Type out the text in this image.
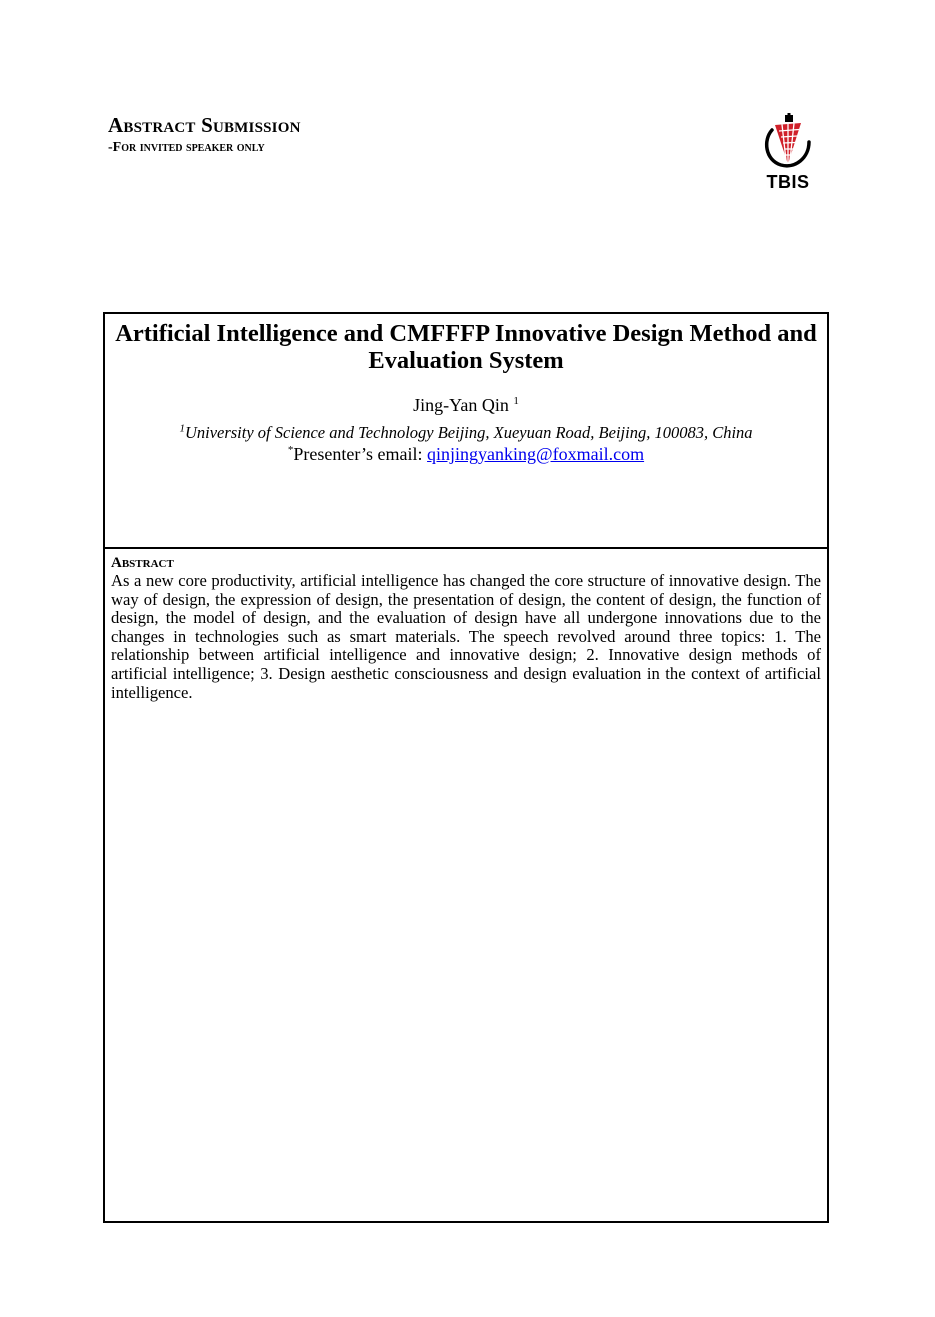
Abstract Submission
-For invited speaker only
TBIS
Artificial Intelligence and CMFFFP Innovative Design Method and Evaluation System
Jing-Yan Qin $^1$
$^1$University of Science and Technology Beijing, Xueyuan Road, Beijing, 100083, China
*Presenter’s email: qinjingyanking@foxmail.com
Abstract

As a new core productivity, artificial intelligence has changed the core structure of innovative design. The way of design, the expression of design, the presentation of design, the content of design, the function of design, the model of design, and the evaluation of design have all undergone innovations due to the changes in technologies such as smart materials. The speech revolved around three topics: 1. The relationship between artificial intelligence and innovative design; 2. Innovative design methods of artificial intelligence; 3. Design aesthetic consciousness and design evaluation in the context of artificial intelligence.
